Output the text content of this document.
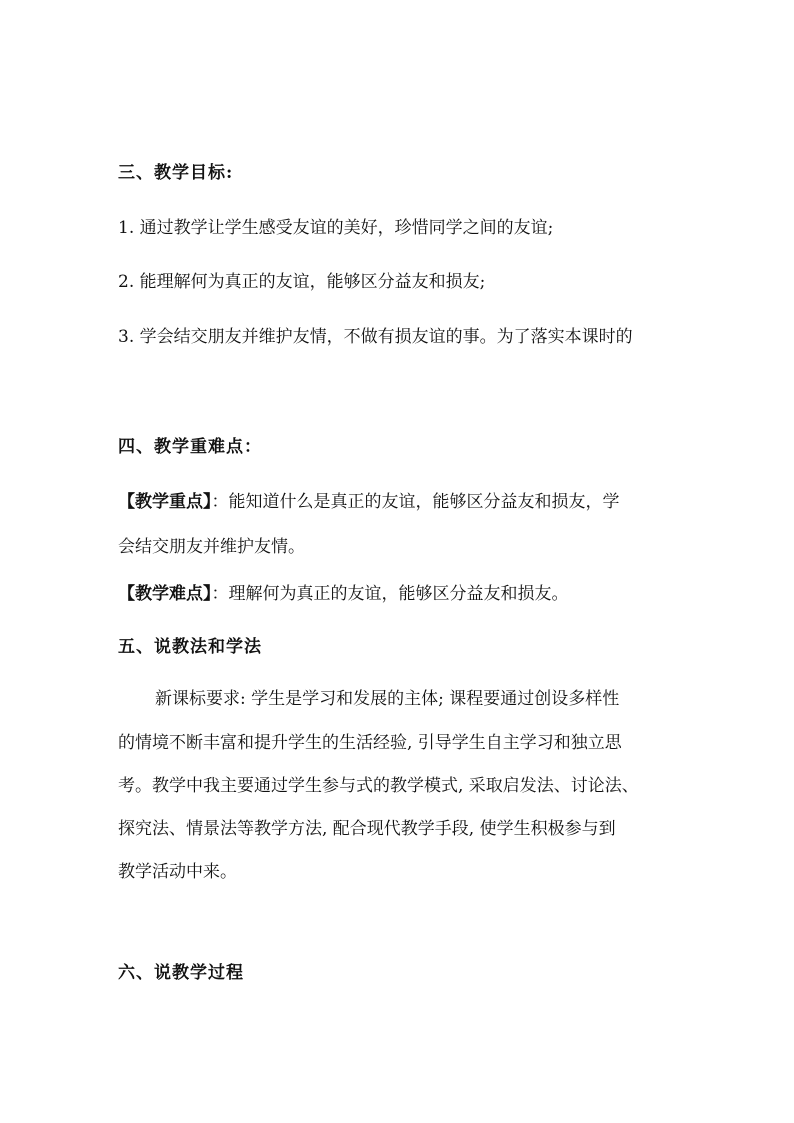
三、教学目标:
1. 通过教学让学生感受友谊的美好，珍惜同学之间的友谊;
2. 能理解何为真正的友谊，能够区分益友和损友;
3. 学会结交朋友并维护友情，不做有损友谊的事。为了落实本课时的
四、教学重难点：
【教学重点】：能知道什么是真正的友谊，能够区分益友和损友，学
会结交朋友并维护友情。
【教学难点】：理解何为真正的友谊，能够区分益友和损友。
五、说教法和学法
新课标要求: 学生是学习和发展的主体; 课程要通过创设多样性
的情境不断丰富和提升学生的生活经验, 引导学生自主学习和独立思
考。教学中我主要通过学生参与式的教学模式, 采取启发法、讨论法、
探究法、情景法等教学方法, 配合现代教学手段, 使学生积极参与到
教学活动中来。
六、说教学过程
